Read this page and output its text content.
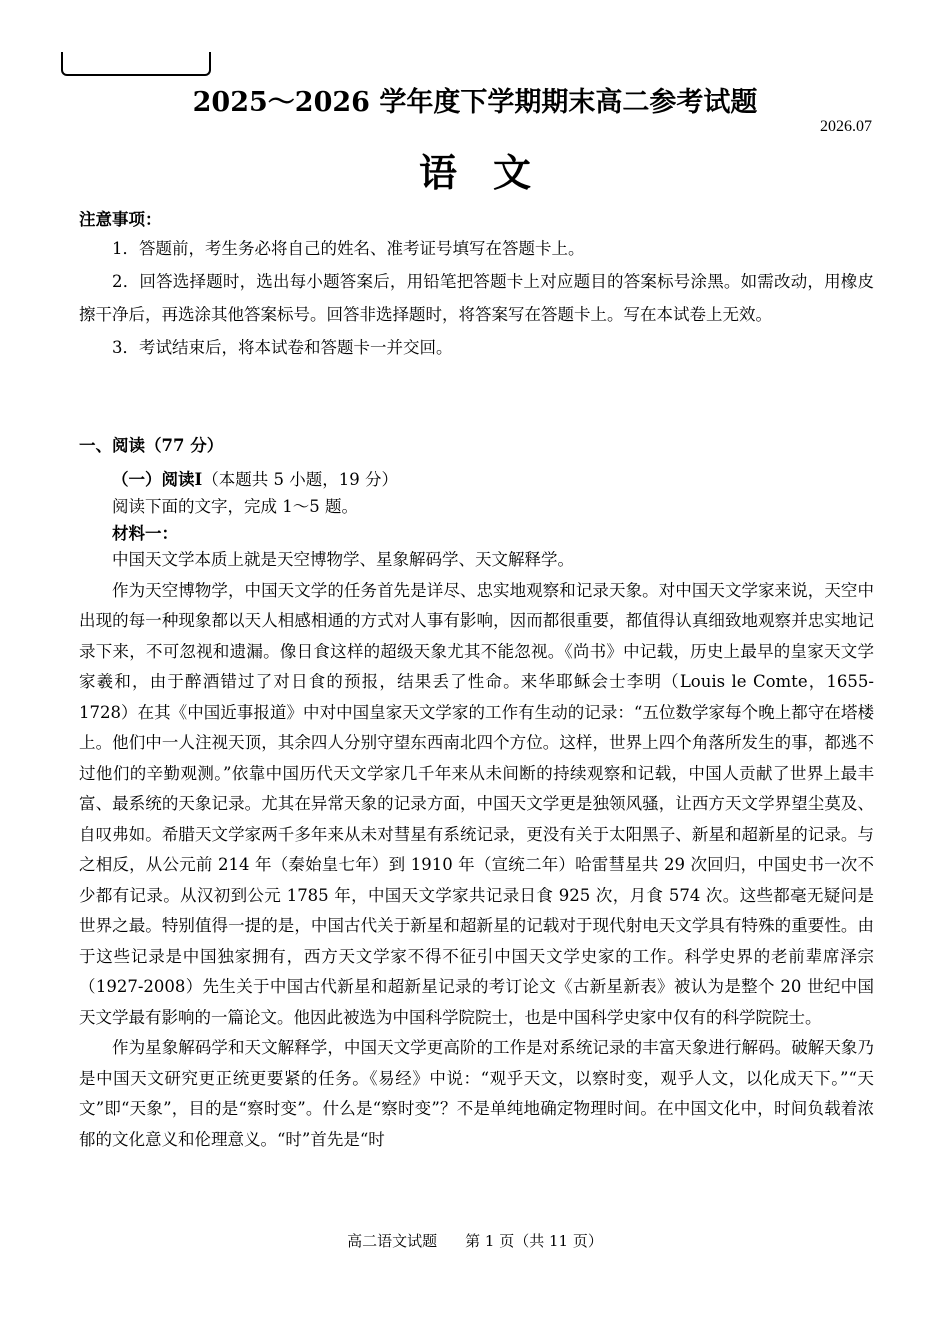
2025～2026 学年度下学期期末高二参考试题
2026.07
语文
注意事项：

1．答题前，考生务必将自己的姓名、准考证号填写在答题卡上。

2．回答选择题时，选出每小题答案后，用铅笔把答题卡上对应题目的答案标号涂黑。如需改动，用橡皮擦干净后，再选涂其他答案标号。回答非选择题时，将答案写在答题卡上。写在本试卷上无效。

3．考试结束后，将本试卷和答题卡一并交回。

一、阅读（77 分）
（一）阅读Ⅰ（本题共 5 小题，19 分）
阅读下面的文字，完成 1～5 题。
材料一：

中国天文学本质上就是天空博物学、星象解码学、天文解释学。

作为天空博物学，中国天文学的任务首先是详尽、忠实地观察和记录天象。对中国天文学家来说，天空中出现的每一种现象都以天人相感相通的方式对人事有影响，因而都很重要，都值得认真细致地观察并忠实地记录下来，不可忽视和遗漏。像日食这样的超级天象尤其不能忽视。《尚书》中记载，历史上最早的皇家天文学家羲和，由于醉酒错过了对日食的预报，结果丢了性命。来华耶稣会士李明（Louis le Comte，1655-1728）在其《中国近事报道》中对中国皇家天文学家的工作有生动的记录：“五位数学家每个晚上都守在塔楼上。他们中一人注视天顶，其余四人分别守望东西南北四个方位。这样，世界上四个角落所发生的事，都逃不过他们的辛勤观测。”依靠中国历代天文学家几千年来从未间断的持续观察和记载，中国人贡献了世界上最丰富、最系统的天象记录。尤其在异常天象的记录方面，中国天文学更是独领风骚，让西方天文学界望尘莫及、自叹弗如。希腊天文学家两千多年来从未对彗星有系统记录，更没有关于太阳黑子、新星和超新星的记录。与之相反，从公元前 214 年（秦始皇七年）到 1910 年（宣统二年）哈雷彗星共 29 次回归，中国史书一次不少都有记录。从汉初到公元 1785 年，中国天文学家共记录日食 925 次，月食 574 次。这些都毫无疑问是世界之最。特别值得一提的是，中国古代关于新星和超新星的记载对于现代射电天文学具有特殊的重要性。由于这些记录是中国独家拥有，西方天文学家不得不征引中国天文学史家的工作。科学史界的老前辈席泽宗（1927-2008）先生关于中国古代新星和超新星记录的考订论文《古新星新表》被认为是整个 20 世纪中国天文学最有影响的一篇论文。他因此被选为中国科学院院士，也是中国科学史家中仅有的科学院院士。

作为星象解码学和天文解释学，中国天文学更高阶的工作是对系统记录的丰富天象进行解码。破解天象乃是中国天文研究更正统更要紧的任务。《易经》中说：“观乎天文，以察时变，观乎人文，以化成天下。”“天文”即“天象”，目的是“察时变”。什么是“察时变”？不是单纯地确定物理时间。在中国文化中，时间负载着浓郁的文化意义和伦理意义。“时”首先是“时

高二语文试题 第 1 页（共 11 页）
